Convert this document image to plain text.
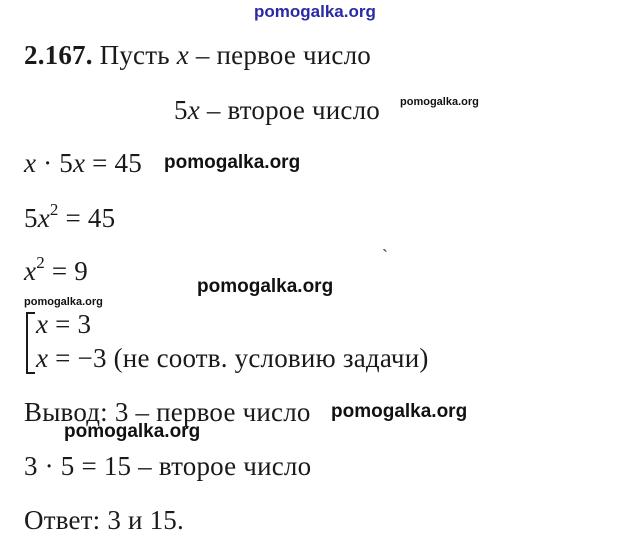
pomogalka.org
2.167. Пусть x – первое число
5x – второе число pomogalka.org
x · 5x = 45 pomogalka.org
$5x^2 = 45$
`
$x^2 = 9$
pomogalka.org
pomogalka.org
x = 3
x = −3 (не соотв. условию задачи)
Вывод: 3 – первое число pomogalka.org
pomogalka.org
3 · 5 = 15 – второе число
Ответ: 3 и 15.
